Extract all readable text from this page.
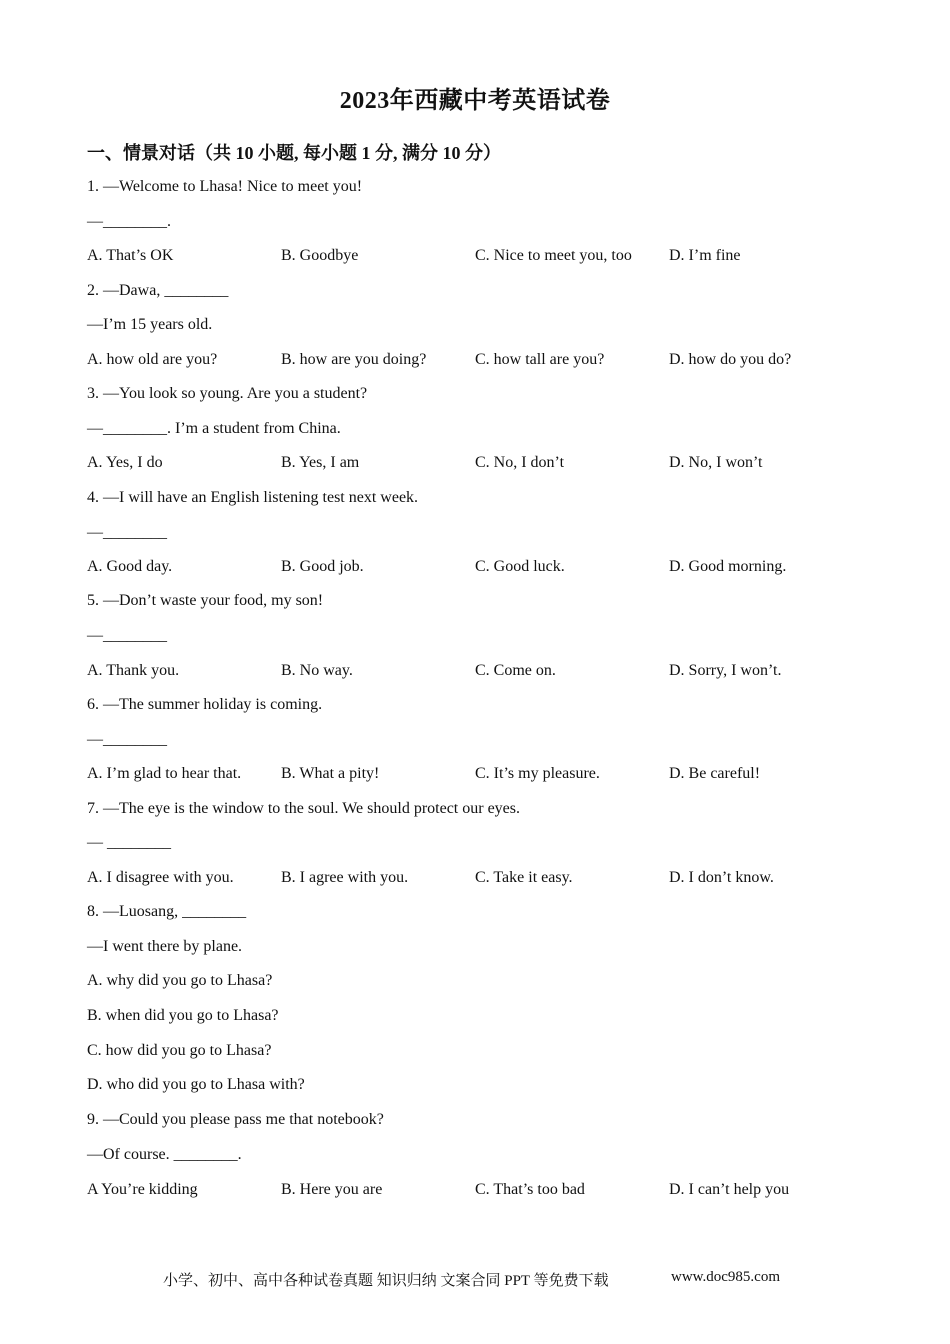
2023年西藏中考英语试卷
一、情景对话（共 10 小题, 每小题 1 分, 满分 10 分）
1. —Welcome to Lhasa! Nice to meet you!
—________.
A. That’s OK	B. Goodbye	C. Nice to meet you, too D. I’m fine
2. —Dawa, ________
—I’m 15 years old.
A. how old are you?	B. how are you doing?	C. how tall are you?	D. how do you do?
3. —You look so young. Are you a student?
—________. I’m a student from China.
A. Yes, I do	B. Yes, I am	C. No, I don’t	D. No, I won’t
4. —I will have an English listening test next week.
—________
A. Good day.	B. Good job.	C. Good luck.	D. Good morning.
5. —Don’t waste your food, my son!
—________
A. Thank you.	B. No way.	C. Come on.	D. Sorry, I won’t.
6. —The summer holiday is coming.
—________
A. I’m glad to hear that. B. What a pity!	C. It’s my pleasure.	D. Be careful!
7. —The eye is the window to the soul. We should protect our eyes.
— ________
A. I disagree with you.	B. I agree with you.	C. Take it easy.	D. I don’t know.
8. —Luosang, ________
—I went there by plane.
A. why did you go to Lhasa?
B. when did you go to Lhasa?
C. how did you go to Lhasa?
D. who did you go to Lhasa with?
9. —Could you please pass me that notebook?
—Of course. ________.
A You’re kidding	B. Here you are	C. That’s too bad	D. I can’t help you
小学、初中、高中各种试卷真题 知识归纳 文案合同 PPT 等免费下载	www.doc985.com
